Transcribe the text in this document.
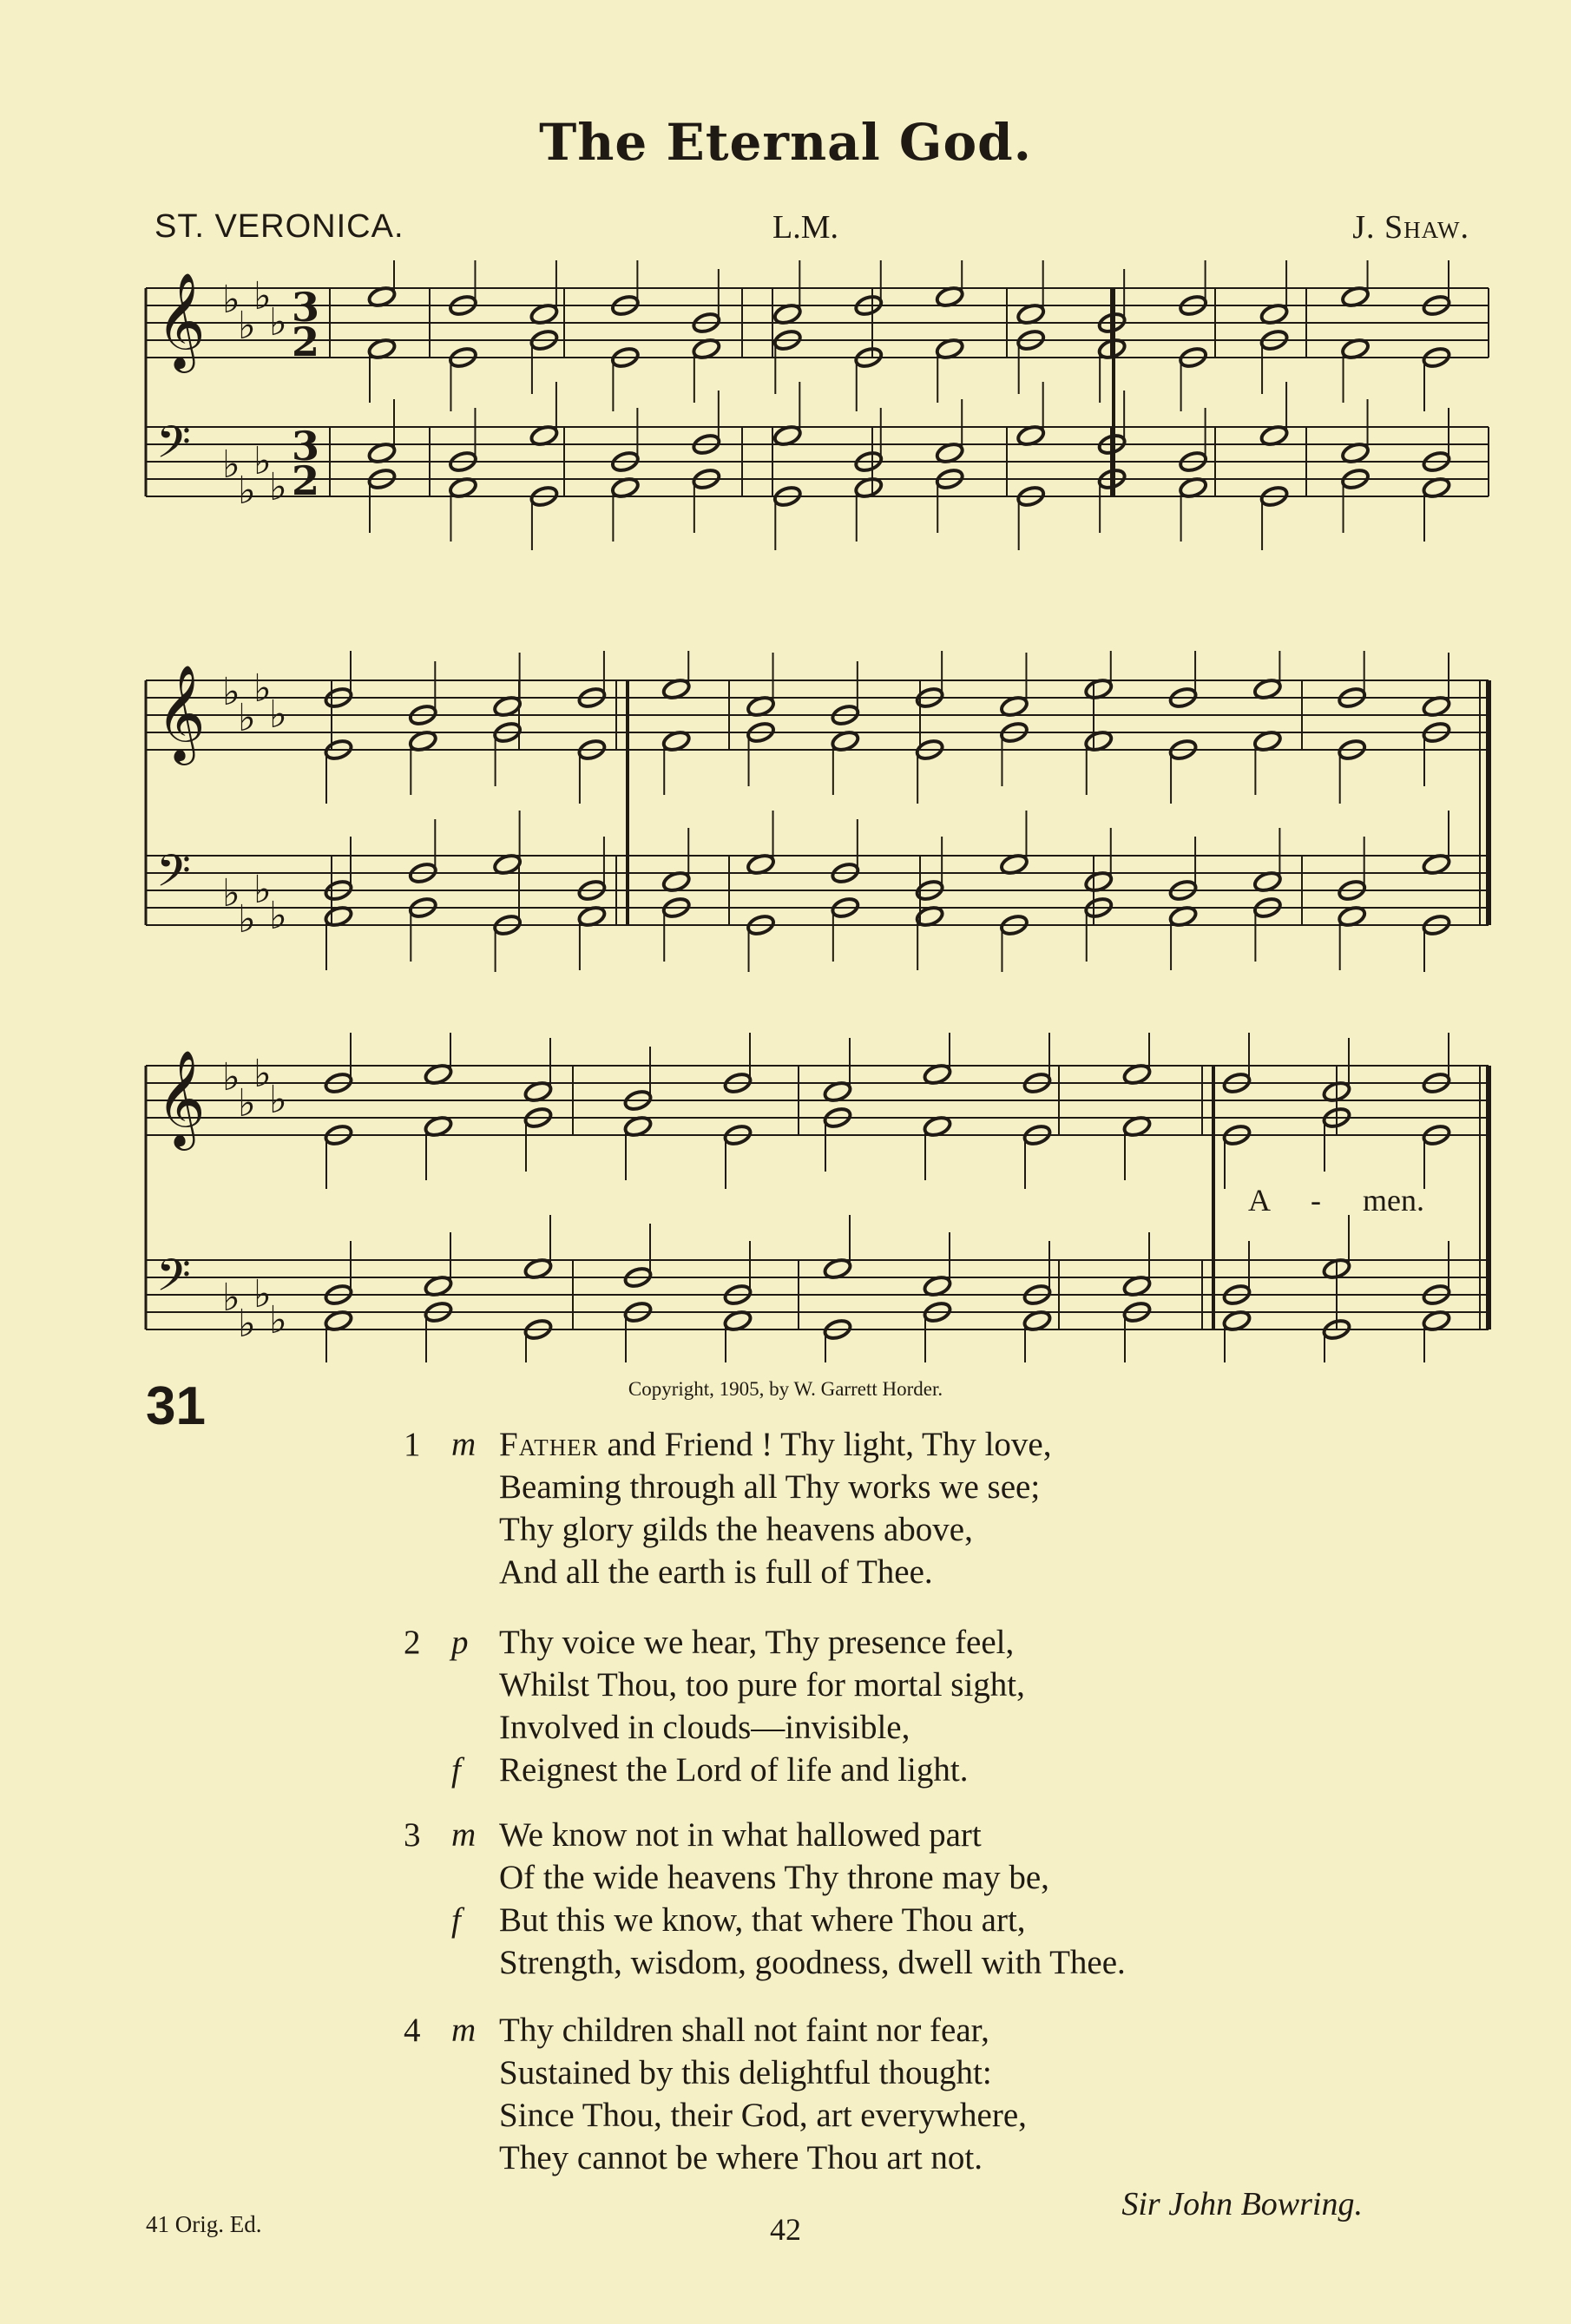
The Eternal God.
ST. VERONICA.	L.M.	J. Shaw.
𝄞 ♭
♭
♭
♭ 3
2
𝄢 ♭
♭
♭
♭
3
2
𝄞 ♭
♭
♭
♭
𝄢 ♭
♭
♭
♭
𝄞 ♭
♭
♭
♭
𝄢 ♭
♭
♭
♭
A - men.
31	Copyright, 1905, by W. Garrett Horder.
1 m Father and Friend ! Thy light, Thy love,
Beaming through all Thy works we see;
Thy glory gilds the heavens above,
And all the earth is full of Thee.
2 p Thy voice we hear, Thy presence feel,
Whilst Thou, too pure for mortal sight,
Involved in clouds—invisible,
f Reignest the Lord of life and light.
3 m We know not in what hallowed part
Of the wide heavens Thy throne may be,
f But this we know, that where Thou art,
Strength, wisdom, goodness, dwell with Thee.
4 m Thy children shall not faint nor fear,
Sustained by this delightful thought:
Since Thou, their God, art everywhere,
They cannot be where Thou art not.
Sir John Bowring.
41 Orig. Ed.	42
